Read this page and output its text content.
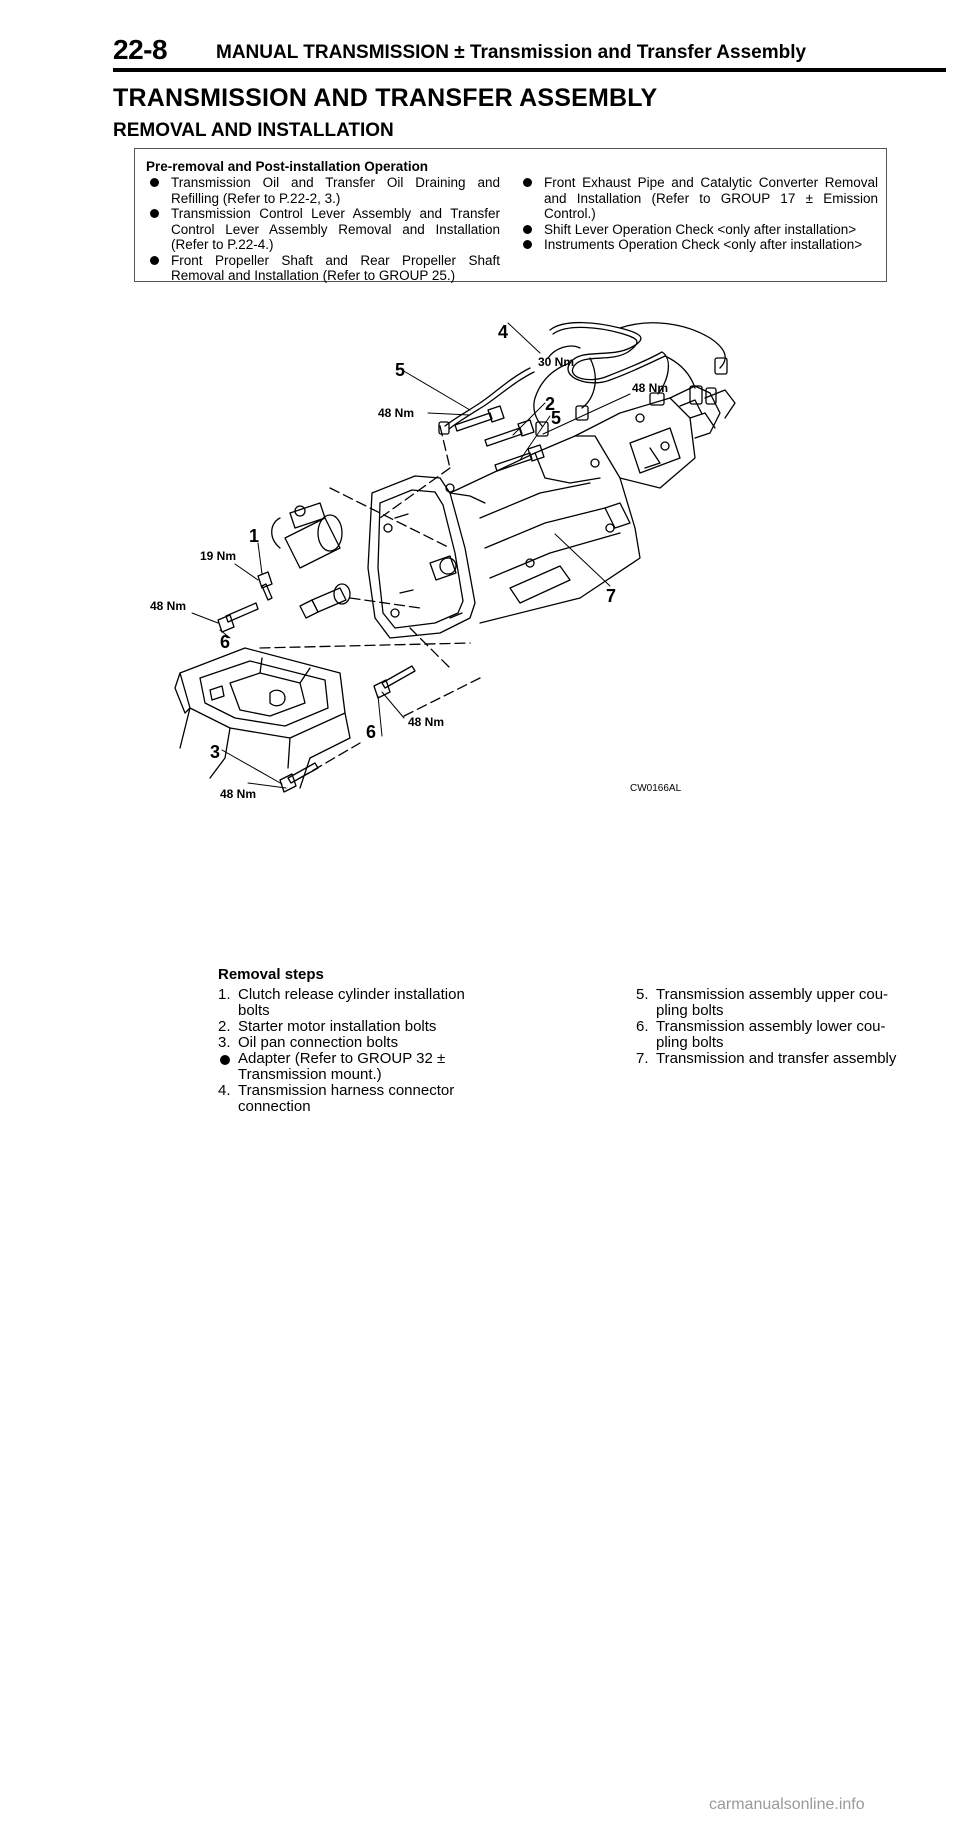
22-8	MANUAL TRANSMISSION ± Transmission and Transfer Assembly
TRANSMISSION AND TRANSFER ASSEMBLY
REMOVAL AND INSTALLATION
Pre-removal and Post-installation Operation

Transmission Oil and Transfer Oil Draining and Refilling (Refer to P.22-2, 3.)

Transmission Control Lever Assembly and Transfer Control Lever Assembly Removal and Installation (Refer to P.22-4.)

Front Propeller Shaft and Rear Propeller Shaft Removal and Installation (Refer to GROUP 25.)

Front Exhaust Pipe and Catalytic Converter Removal and Installation (Refer to GROUP 17 ± Emission Control.)

Shift Lever Operation Check <only after installation>

Instruments Operation Check <only after installation>

4
5
2
5
1
6
7
6
3
30 Nm
48 Nm
48 Nm
19 Nm
48 Nm
48 Nm
48 Nm	CW0166AL
Removal steps

1. Clutch release cylinder installation
bolts

2. Starter motor installation bolts

3. Oil pan connection bolts

Adapter (Refer to GROUP 32 ±
Transmission mount.)

4. Transmission harness connector
connection

5. Transmission assembly upper cou-
pling bolts

6. Transmission assembly lower cou-
pling bolts

7. Transmission and transfer assembly

carmanualsonline.info
